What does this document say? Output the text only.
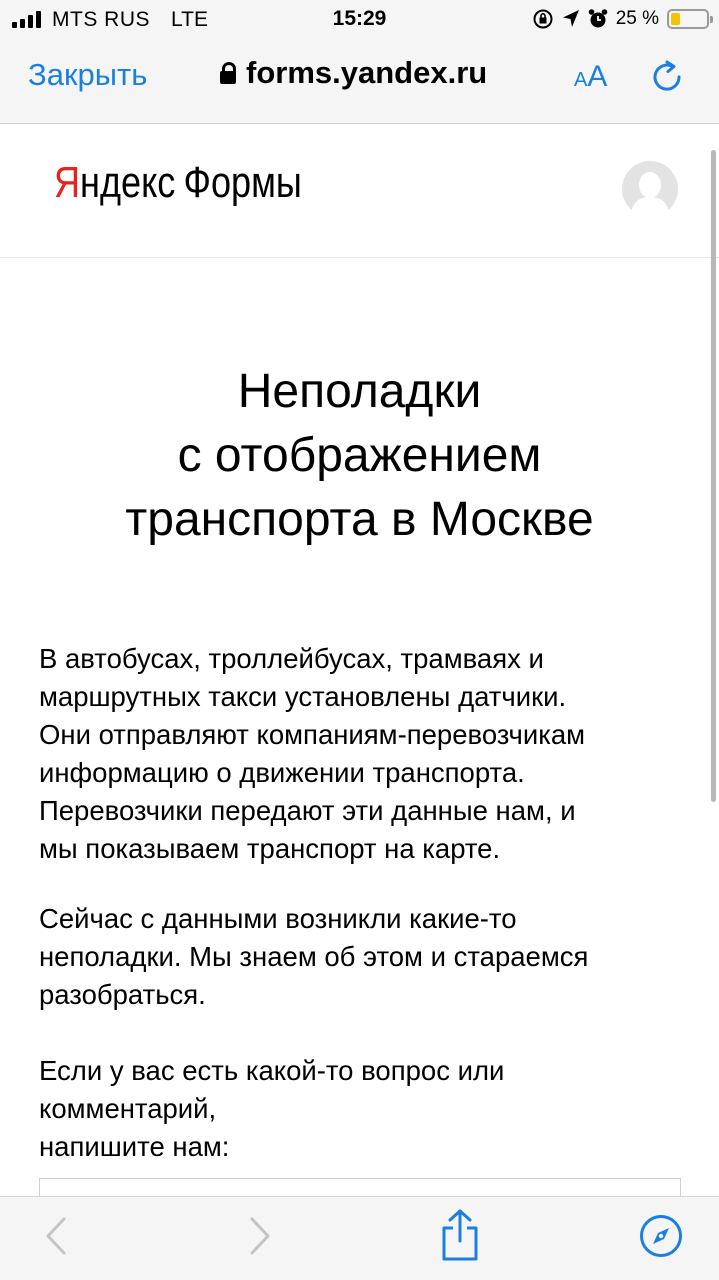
MTS RUS LTE	15:29	25 %
Закрыть	forms.yandex.ru	AA
Яндекс Формы
Неполадки
с отображением
транспорта в Москве
В автобусах, троллейбусах, трамваях и
маршрутных такси установлены датчики.
Они отправляют компаниям-перевозчикам
информацию о движении транспорта.
Перевозчики передают эти данные нам, и
мы показываем транспорт на карте.
Сейчас с данными возникли какие-то
неполадки. Мы знаем об этом и стараемся
разобраться.
Если у вас есть какой-то вопрос или
комментарий,
напишите нам:
